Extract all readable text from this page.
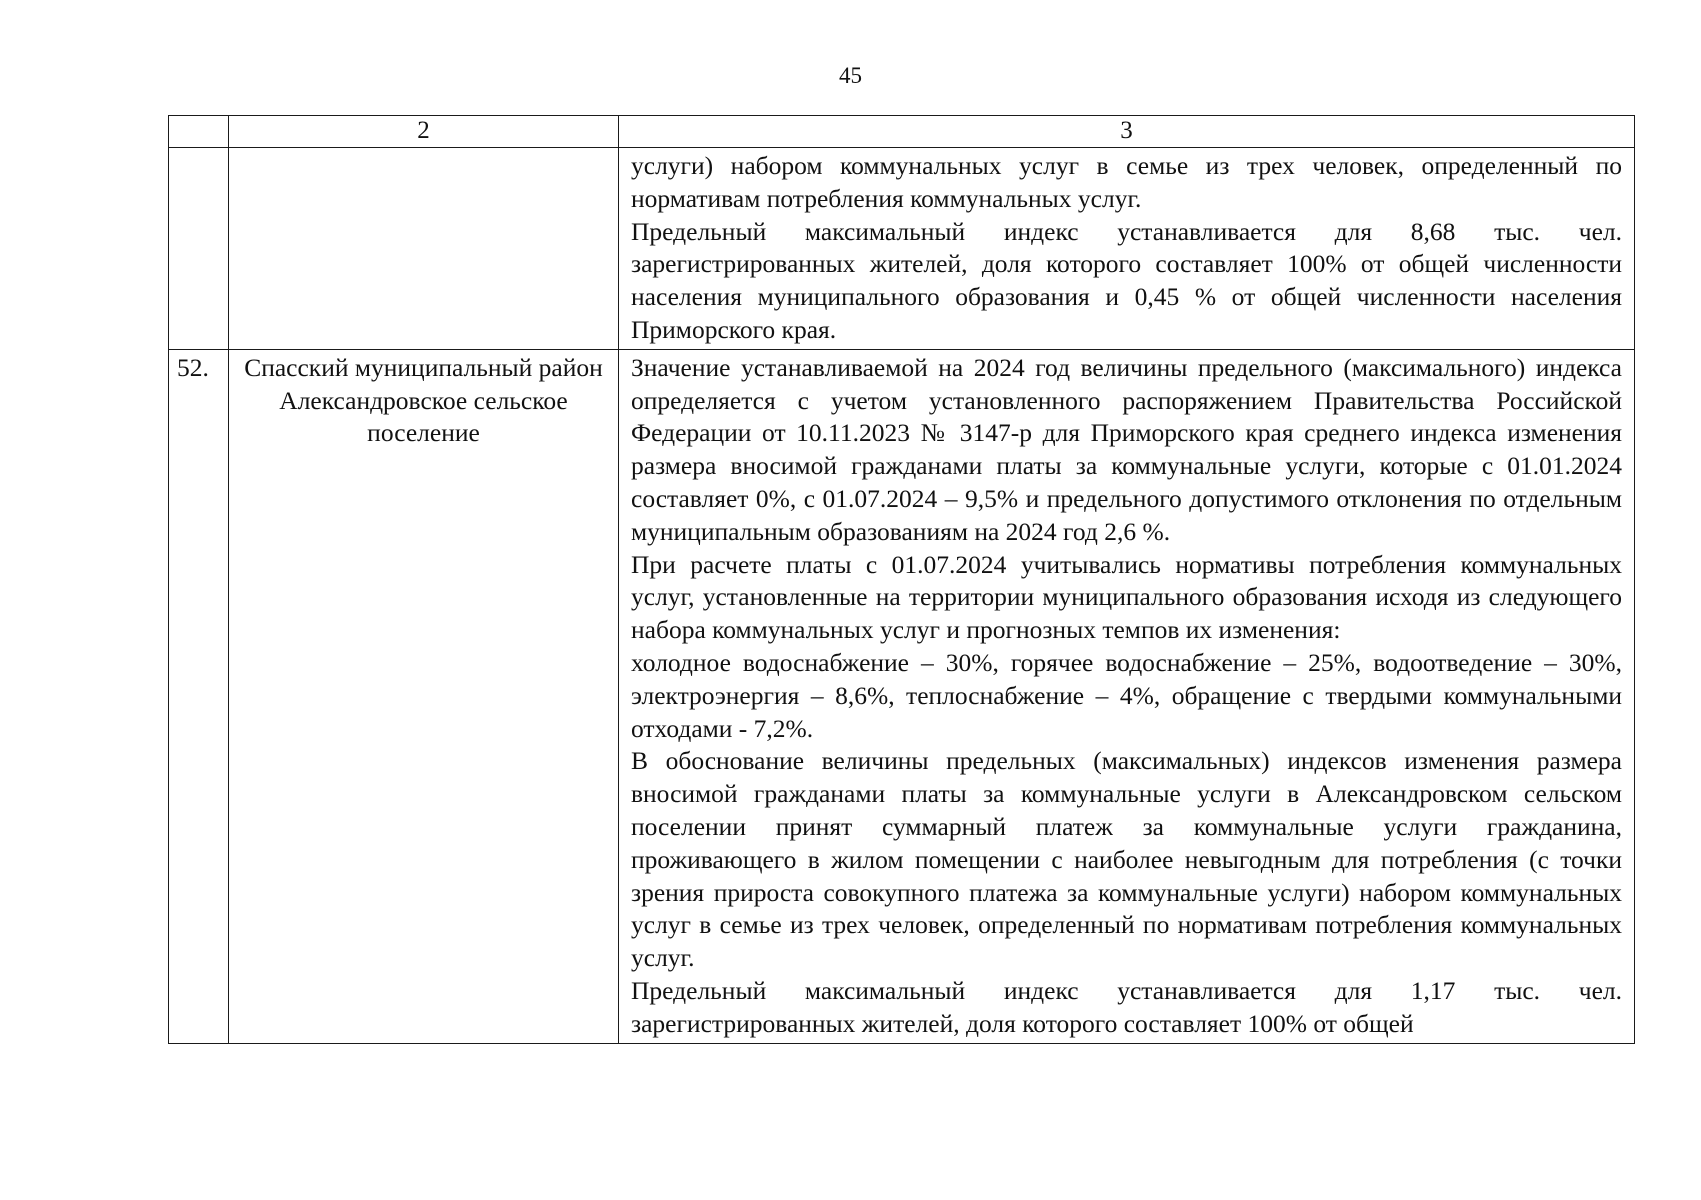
45
	2	3

		услуги) набором коммунальных услуг в семье из трех человек, определенный по нормативам потребления коммунальных услуг.

Предельный максимальный индекс устанавливается для 8,68 тыс. чел. зарегистрированных жителей, доля которого составляет 100% от общей численности населения муниципального образования и 0,45 % от общей численности населения Приморского края.

52.	Спасский муниципальный район Александровское сельское поселение	Значение устанавливаемой на 2024 год величины предельного (максимального) индекса определяется с учетом установленного распоряжением Правительства Российской Федерации от 10.11.2023 № 3147-р для Приморского края среднего индекса изменения размера вносимой гражданами платы за коммунальные услуги, которые с 01.01.2024 составляет 0%, с 01.07.2024 – 9,5% и предельного допустимого отклонения по отдельным муниципальным образованиям на 2024 год 2,6 %.

При расчете платы с 01.07.2024 учитывались нормативы потребления коммунальных услуг, установленные на территории муниципального образования исходя из следующего набора коммунальных услуг и прогнозных темпов их изменения:

холодное водоснабжение – 30%, горячее водоснабжение – 25%, водоотведение – 30%, электроэнергия – 8,6%, теплоснабжение – 4%, обращение с твердыми коммунальными отходами - 7,2%.

В обоснование величины предельных (максимальных) индексов изменения размера вносимой гражданами платы за коммунальные услуги в Александровском сельском поселении принят суммарный платеж за коммунальные услуги гражданина, проживающего в жилом помещении с наиболее невыгодным для потребления (с точки зрения прироста совокупного платежа за коммунальные услуги) набором коммунальных услуг в семье из трех человек, определенный по нормативам потребления коммунальных услуг.

Предельный максимальный индекс устанавливается для 1,17 тыс. чел. зарегистрированных жителей, доля которого составляет 100% от общей
